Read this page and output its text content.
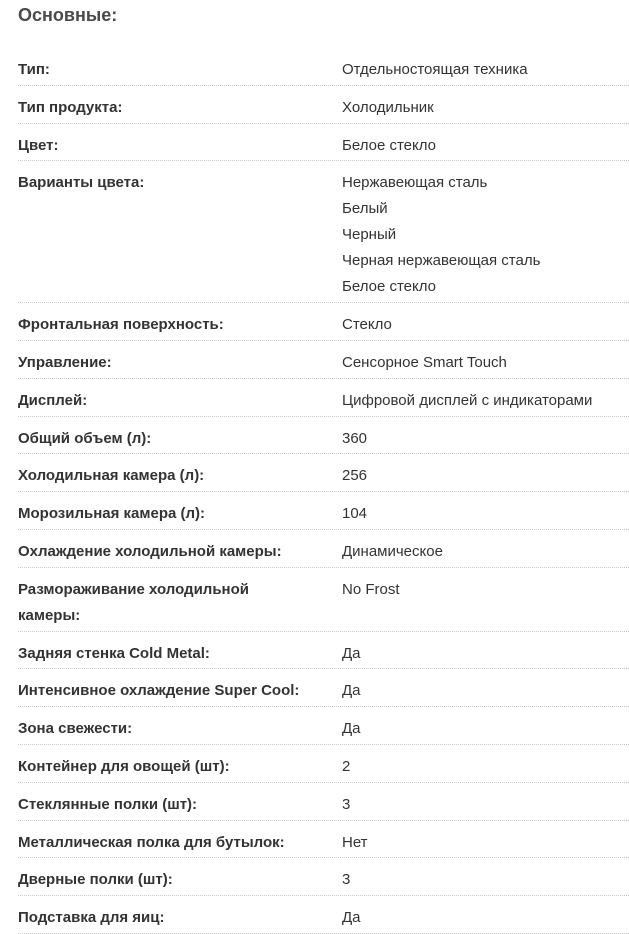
Основные:
Тип:	Отдельностоящая техника
Тип продукта:	Холодильник
Цвет:	Белое стекло
Варианты цвета:	Нержавеющая сталь
Белый
Черный
Черная нержавеющая сталь
Белое стекло
Фронтальная поверхность:	Стекло
Управление:	Сенсорное Smart Touch
Дисплей:	Цифровой дисплей с индикаторами
Общий объем (л):	360
Холодильная камера (л):	256
Морозильная камера (л):	104
Охлаждение холодильной камеры:	Динамическое
Размораживание холодильной камеры:
No Frost
Задняя стенка Cold Metal:	Да
Интенсивное охлаждение Super Cool:	Да
Зона свежести:	Да
Контейнер для овощей (шт):	2
Стеклянные полки (шт):	3
Металлическая полка для бутылок:	Нет
Дверные полки (шт):	3
Подставка для яиц:	Да
